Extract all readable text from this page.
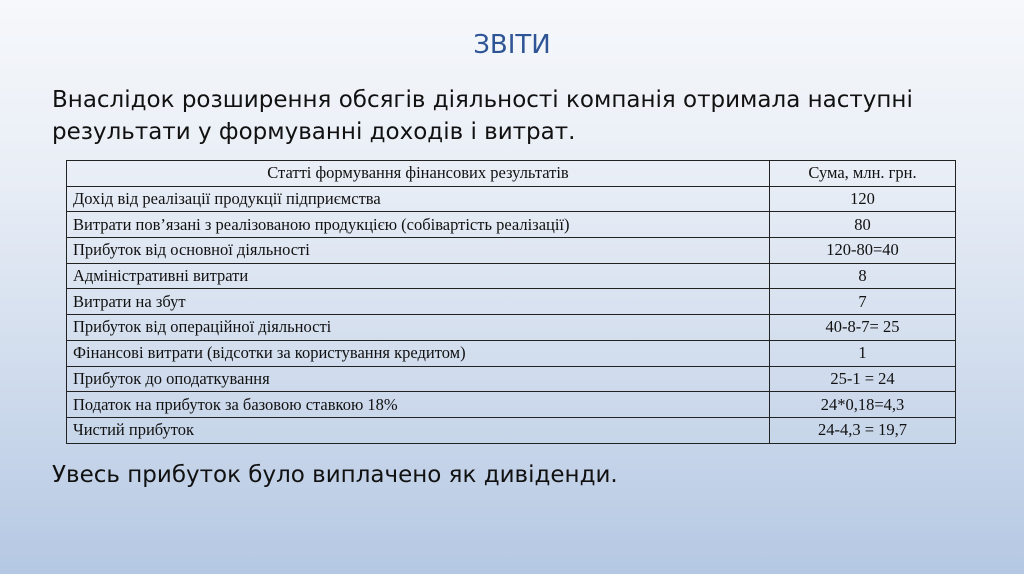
ЗВІТИ
Внаслідок розширення обсягів діяльності компанія отримала наступні результати у формуванні доходів і витрат.
Статті формування фінансових результатів	Сума, млн. грн.
Дохід від реалізації продукції підприємства	120
Витрати пов’язані з реалізованою продукцією (собівартість реалізації)	80
Прибуток від основної діяльності	120-80=40
Адміністративні витрати	8
Витрати на збут	7
Прибуток від операційної діяльності	40-8-7= 25
Фінансові витрати (відсотки за користування кредитом)	1
Прибуток до оподаткування	25-1 = 24
Податок на прибуток за базовою ставкою 18%	24*0,18=4,3
Чистий прибуток	24-4,3 = 19,7
Увесь прибуток було виплачено як дивіденди.
